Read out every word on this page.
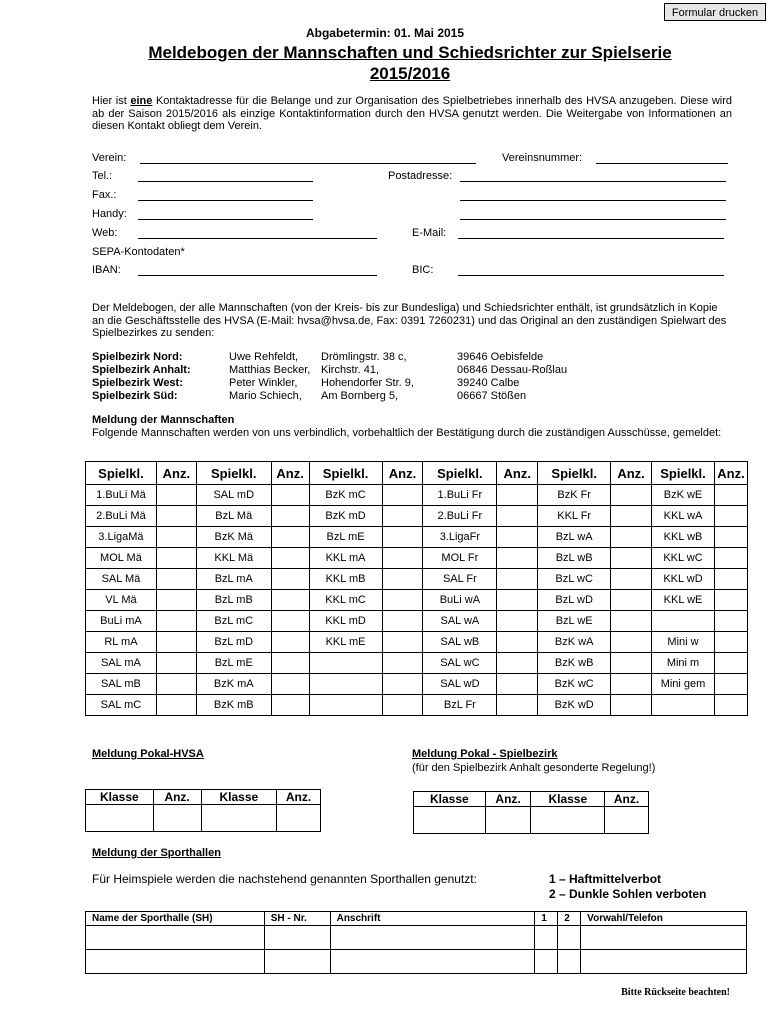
Formular drucken
Abgabetermin: 01. Mai 2015
Meldebogen der Mannschaften und Schiedsrichter zur Spielserie
2015/2016
Hier ist eine Kontaktadresse für die Belange und zur Organisation des Spielbetriebes innerhalb des HVSA anzugeben. Diese wird ab der Saison 2015/2016 als einzige Kontaktinformation durch den HVSA genutzt werden. Die Weitergabe von Informationen an diesen Kontakt obliegt dem Verein.
Verein:	Vereinsnummer:
Tel.:	Postadresse:
Fax.:
Handy:
Web:	E-Mail:
SEPA-Kontodaten*
IBAN:	BIC:
Der Meldebogen, der alle Mannschaften (von der Kreis- bis zur Bundesliga) und Schiedsrichter enthält, ist grundsätzlich in Kopie an die Geschäftsstelle des HVSA (E-Mail: hvsa@hvsa.de, Fax: 0391 7260231) und das Original an den zuständigen Spielwart des Spielbezirkes zu senden:
Spielbezirk Nord:	Uwe Rehfeldt, Drömlingstr. 38 c,	39646 Oebisfelde
Spielbezirk Anhalt:	Matthias Becker, Kirchstr. 41,	06846 Dessau-Roßlau
Spielbezirk West:	Peter Winkler, Hohendorfer Str. 9,	39240 Calbe
Spielbezirk Süd:	Mario Schiech, Am Bornberg 5,	06667 Stößen
Meldung der Mannschaften
Folgende Mannschaften werden von uns verbindlich, vorbehaltlich der Bestätigung durch die zuständigen Ausschüsse, gemeldet:
Spielkl.	Anz.	Spielkl.	Anz.	Spielkl.	Anz.	Spielkl.	Anz.	Spielkl.	Anz.	Spielkl.	Anz.
1.BuLi Mä		SAL mD		BzK mC		1.BuLi Fr		BzK Fr		BzK wE	
2.BuLi Mä		BzL Mä		BzK mD		2.BuLi Fr		KKL Fr		KKL wA	
3.LigaMä		BzK Mä		BzL mE		3.LigaFr		BzL wA		KKL wB	
MOL Mä		KKL Mä		KKL mA		MOL Fr		BzL wB		KKL wC	
SAL Mä		BzL mA		KKL mB		SAL Fr		BzL wC		KKL wD	
VL Mä		BzL mB		KKL mC		BuLi wA		BzL wD		KKL wE	
BuLi mA		BzL mC		KKL mD		SAL wA		BzL wE			
RL mA		BzL mD		KKL mE		SAL wB		BzK wA		Mini w	
SAL mA		BzL mE				SAL wC		BzK wB		Mini m	
SAL mB		BzK mA				SAL wD		BzK wC		Mini gem	
SAL mC		BzK mB				BzL Fr		BzK wD			
Meldung Pokal-HVSA
Klasse	Anz.	Klasse	Anz.

Meldung Pokal - Spielbezirk
(für den Spielbezirk Anhalt gesonderte Regelung!)
Klasse	Anz.	Klasse	Anz.

Meldung der Sporthallen
Für Heimspiele werden die nachstehend genannten Sporthallen genutzt:	1 – Haftmittelverbot
2 – Dunkle Sohlen verboten
Name der Sporthalle (SH)	SH - Nr.	Anschrift	1	2	Vorwahl/Telefon

Bitte Rückseite beachten!
